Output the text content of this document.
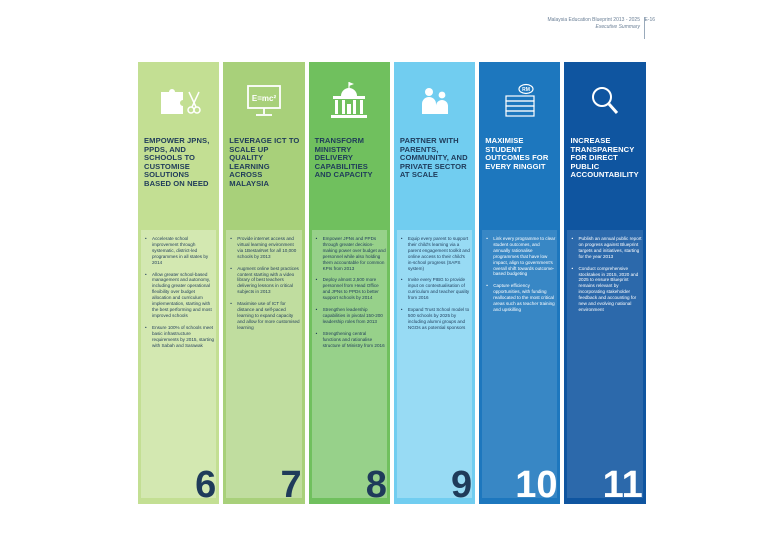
Malaysia Education Blueprint 2013 - 2025
Executive Summary
E-16
EMPOWER JPNS, PPDS, AND SCHOOLS TO CUSTOMISE SOLUTIONS BASED ON NEED
• Accelerate school improvement through systematic, district-led programmes in all states by 2014
• Allow greater school-based management and autonomy, including greater operational flexibility over budget allocation and curriculum implementation, starting with the best performing and most improved schools
• Ensure 100% of schools meet basic infrastructure requirements by 2015, starting with Sabah and Sarawak
6
E=mc²
LEVERAGE ICT TO SCALE UP QUALITY LEARNING ACROSS MALAYSIA
• Provide internet access and virtual learning environment via 1BestariNet for all 10,000 schools by 2013
• Augment online best practices content starting with a video library of best teachers delivering lessons in critical subjects in 2013
• Maximise use of ICT for distance and self-paced learning to expand capacity and allow for more customised learning
7
TRANSFORM MINISTRY DELIVERY CAPABILITIES AND CAPACITY
• Empower JPNs and PPDs through greater decision-making power over budget and personnel while also holding them accountable for common KPIs from 2013
• Deploy almost 2,500 more personnel from Head Office and JPNs to PPDs to better support schools by 2014
• Strengthen leadership capabilities in pivotal 150-200 leadership roles from 2013
• Strengthening central functions and rationalise structure of Ministry from 2016
8
PARTNER WITH PARENTS, COMMUNITY, AND PRIVATE SECTOR AT SCALE
• Equip every parent to support their child's learning via a parent engagement toolkit and online access to their child's in-school progress (SAPS system)
• Invite every PIBG to provide input on contextualisation of curriculum and teacher quality from 2016
• Expand Trust School model to 500 schools by 2025 by including alumni groups and NGOs as potential sponsors
9
RM
MAXIMISE STUDENT OUTCOMES FOR EVERY RINGGIT
• Link every programme to clear student outcomes, and annually rationalise programmes that have low impact, align to government's overall shift towards outcome-based budgeting
• Capture efficiency opportunities, with funding reallocated to the most critical areas such as teacher training and upskilling
10
INCREASE TRANSPARENCY FOR DIRECT PUBLIC ACCOUNTABILITY
• Publish an annual public report on progress against Blueprint targets and initiatives, starting for the year 2013
• Conduct comprehensive stocktakes in 2015, 2020 and 2025 to ensure Blueprint remains relevant by incorporating stakeholder feedback and accounting for new and evolving national environment
11
